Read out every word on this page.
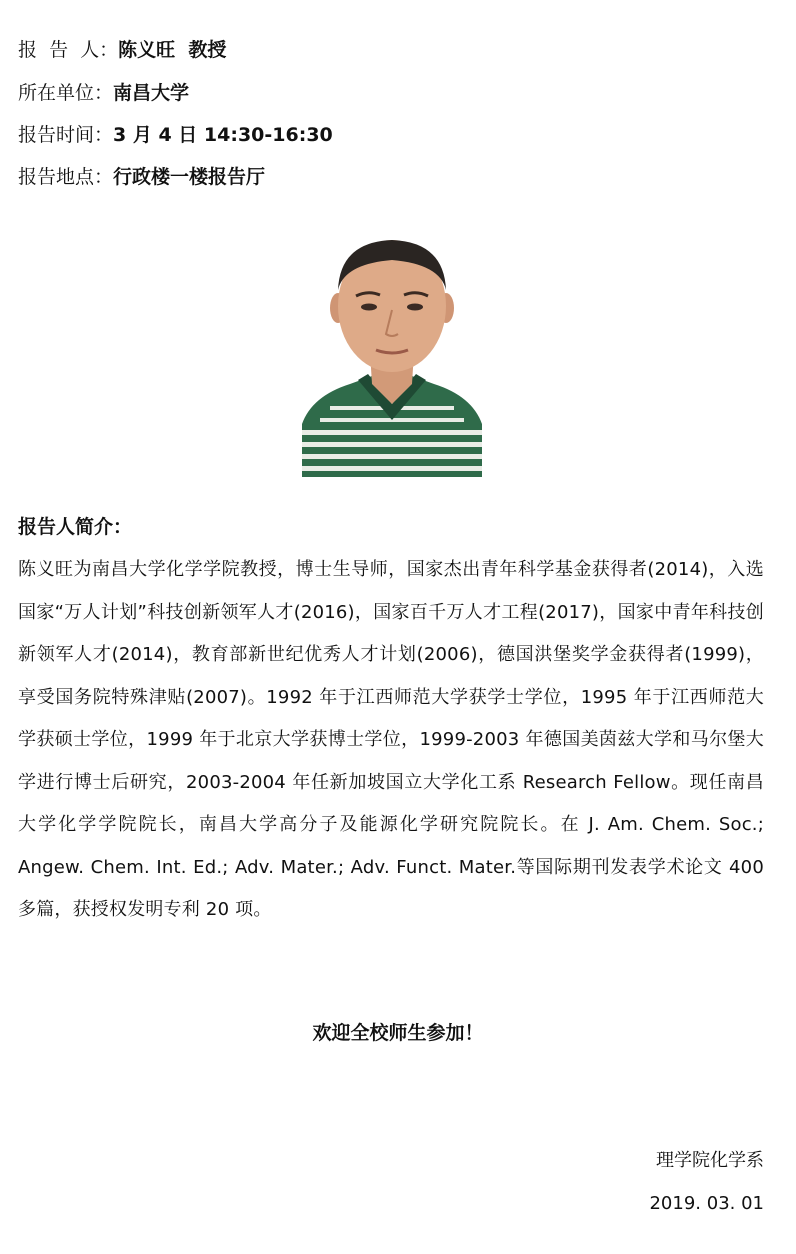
报  告  人：陈义旺  教授
所在单位：南昌大学
报告时间：3 月 4 日 14:30-16:30
报告地点：行政楼一楼报告厅
报告人简介：
陈义旺为南昌大学化学学院教授，博士生导师，国家杰出青年科学基金获得者(2014)，入选国家“万人计划”科技创新领军人才(2016)，国家百千万人才工程(2017)，国家中青年科技创新领军人才(2014)，教育部新世纪优秀人才计划(2006)，德国洪堡奖学金获得者(1999)，享受国务院特殊津贴(2007)。1992 年于江西师范大学获学士学位，1995 年于江西师范大学获硕士学位，1999 年于北京大学获博士学位，1999-2003 年德国美茵兹大学和马尔堡大学进行博士后研究，2003-2004 年任新加坡国立大学化工系 Research Fellow。现任南昌大学化学学院院长，南昌大学高分子及能源化学研究院院长。在 J. Am. Chem. Soc.; Angew. Chem. Int. Ed.; Adv. Mater.; Adv. Funct. Mater.等国际期刊发表学术论文 400 多篇，获授权发明专利 20 项。
欢迎全校师生参加！
理学院化学系
2019. 03. 01
